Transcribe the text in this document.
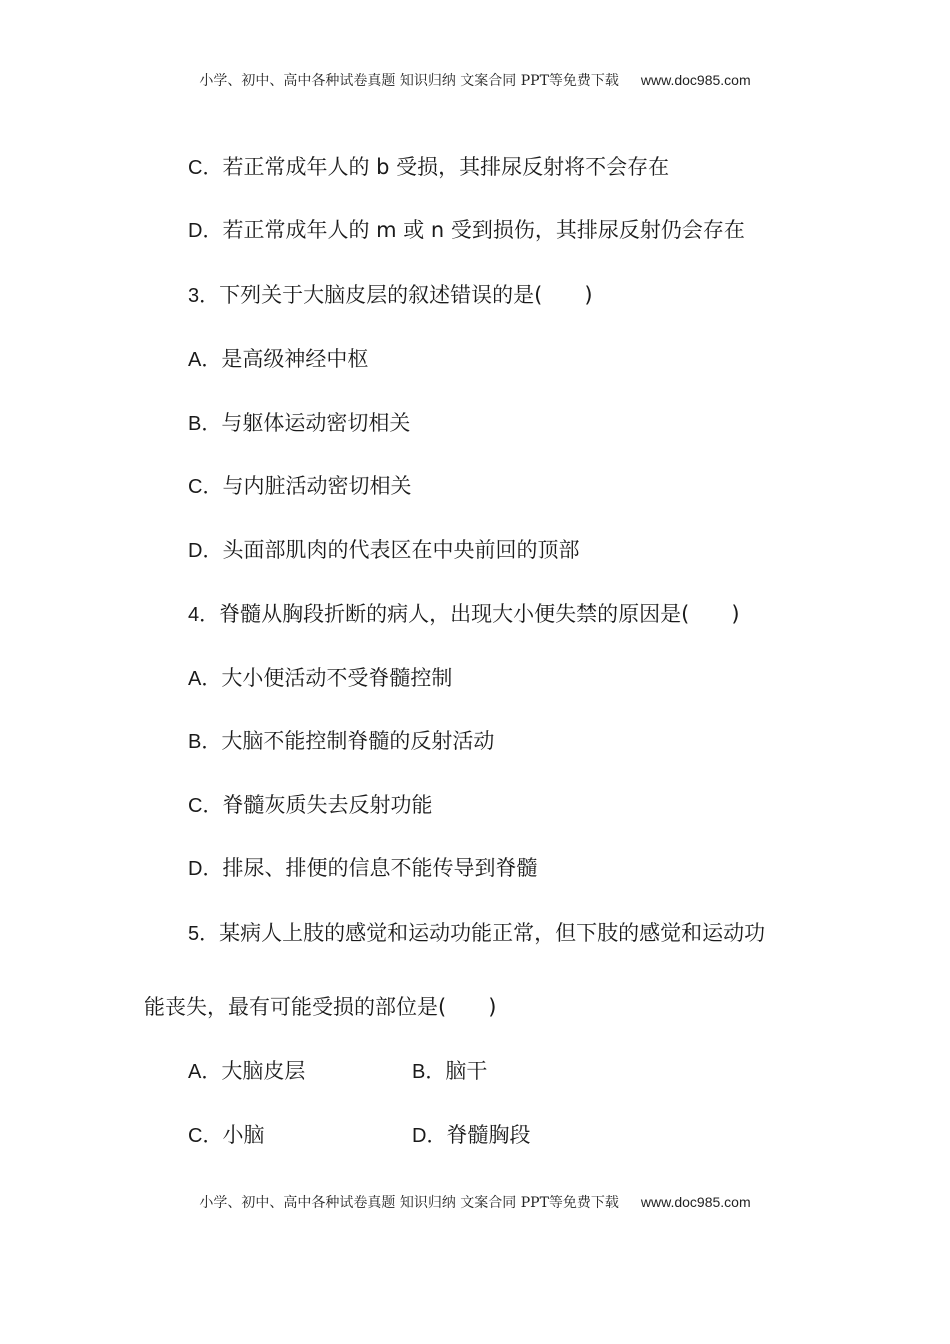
小学、初中、高中各种试卷真题 知识归纳 文案合同 PPT等免费下载 www.doc985.com
C．若正常成年人的 b 受损，其排尿反射将不会存在
D．若正常成年人的 m 或 n 受到损伤，其排尿反射仍会存在
3．下列关于大脑皮层的叙述错误的是(　　)
A．是高级神经中枢
B．与躯体运动密切相关
C．与内脏活动密切相关
D．头面部肌肉的代表区在中央前回的顶部
4．脊髓从胸段折断的病人，出现大小便失禁的原因是(　　)
A．大小便活动不受脊髓控制
B．大脑不能控制脊髓的反射活动
C．脊髓灰质失去反射功能
D．排尿、排便的信息不能传导到脊髓
5．某病人上肢的感觉和运动功能正常，但下肢的感觉和运动功
能丧失，最有可能受损的部位是(　　)
A．大脑皮层	B．脑干
C．小脑	D．脊髓胸段
小学、初中、高中各种试卷真题 知识归纳 文案合同 PPT等免费下载 www.doc985.com
